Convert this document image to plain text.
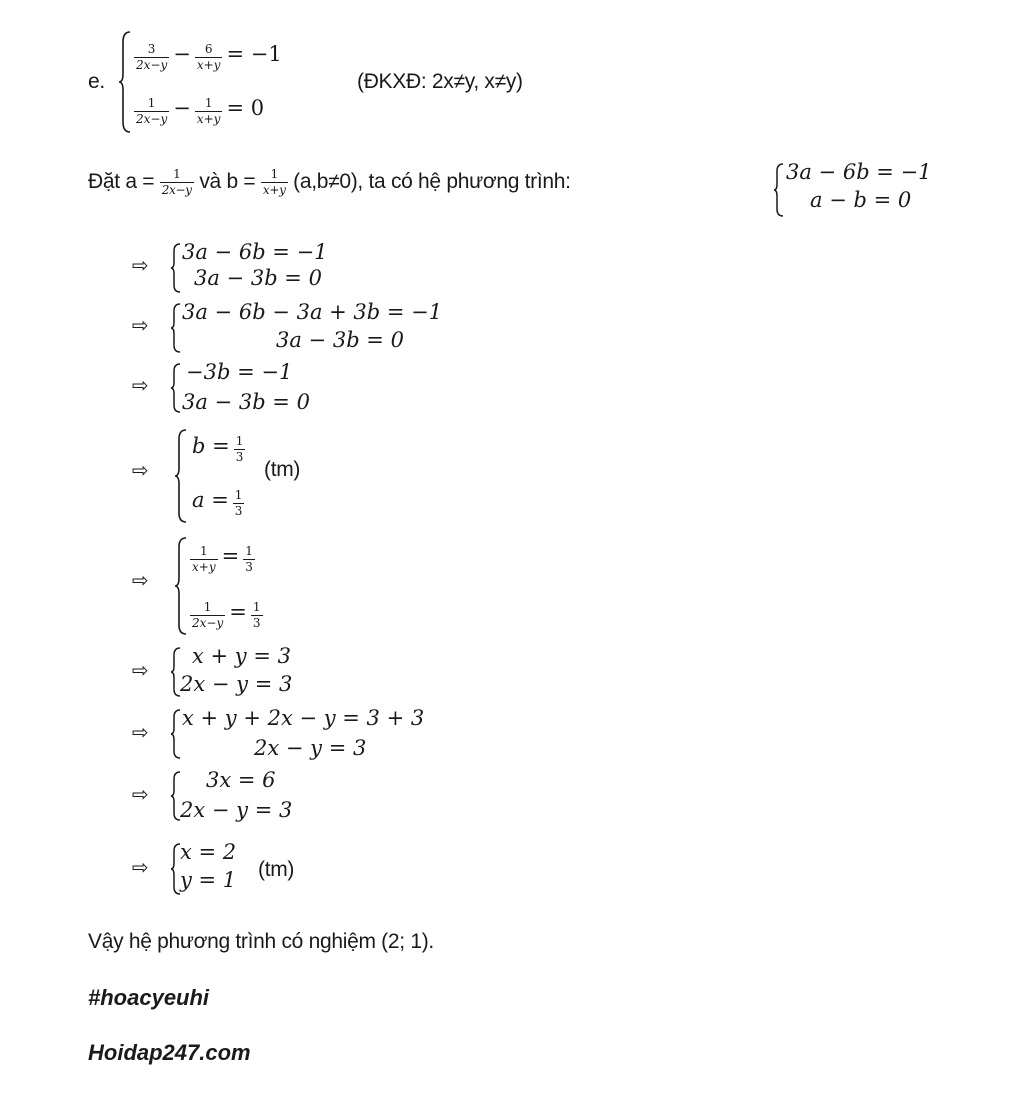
e.
$\frac{3}{2x-y} - \frac{6}{x+y} = -1$
$\frac{1}{2x-y} - \frac{1}{x+y} = 0$
(ĐKXĐ: 2x≠y, x≠y)
Đặt $a = \frac{1}{2x-y}$ và $b = \frac{1}{x+y} (a,b\ne 0)$, ta có hệ phương trình:	3a − 6b = −1
a − b = 0
⇨
3a − 6b = −1
3a − 3b = 0
⇨
3a − 6b − 3a + 3b = −1
3a − 3b = 0
⇨
−3b = −1
3a − 3b = 0
⇨
$b = \frac{1}{3}$
(tm)
$a = \frac{1}{3}$
⇨
$\frac{1}{x+y} = \frac{1}{3}$
$\frac{1}{2x-y} = \frac{1}{3}$
⇨
x + y = 3
2x − y = 3
⇨
x + y + 2x − y = 3 + 3
2x − y = 3
⇨
3x = 6
2x − y = 3
⇨
x = 2
y = 1 (tm)
Vậy hệ phương trình có nghiệm (2; 1).
#hoacyeuhi
Hoidap247.com
